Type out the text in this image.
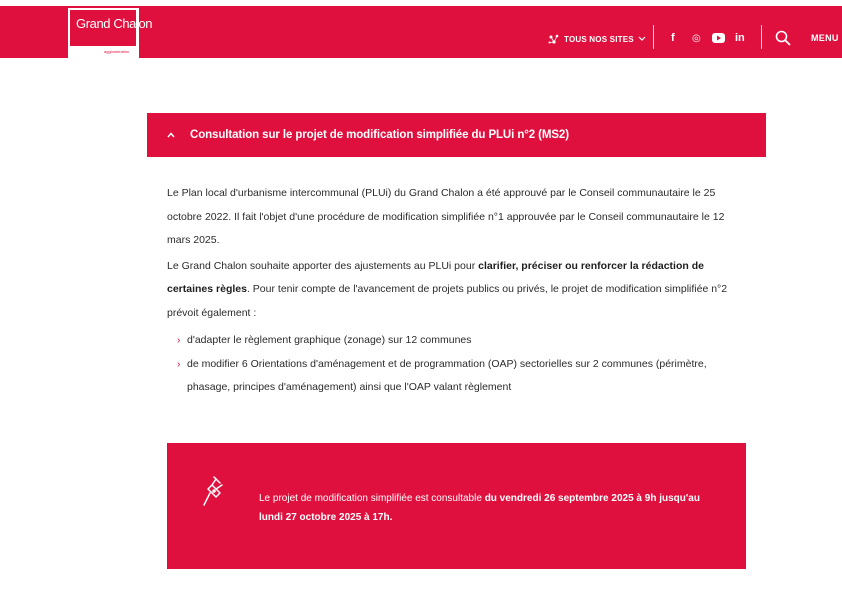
Grand Chalon
agglomération
TOUS NOS SITES	f ◎	in	MENU
Consultation sur le projet de modification simplifiée du PLUi n°2 (MS2)

Le Plan local d'urbanisme intercommunal (PLUi) du Grand Chalon a été approuvé par le Conseil communautaire le 25 octobre 2022. Il fait l'objet d'une procédure de modification simplifiée n°1 approuvée par le Conseil communautaire le 12 mars 2025.

Le Grand Chalon souhaite apporter des ajustements au PLUi pour clarifier, préciser ou renforcer la rédaction de certaines règles. Pour tenir compte de l'avancement de projets publics ou privés, le projet de modification simplifiée n°2 prévoit également :

› d'adapter le règlement graphique (zonage) sur 12 communes
› de modifier 6 Orientations d'aménagement et de programmation (OAP) sectorielles sur 2 communes (périmètre, phasage, principes d'aménagement) ainsi que l'OAP valant règlement
Le projet de modification simplifiée est consultable du vendredi 26 septembre 2025 à 9h jusqu'au lundi 27 octobre 2025 à 17h.
